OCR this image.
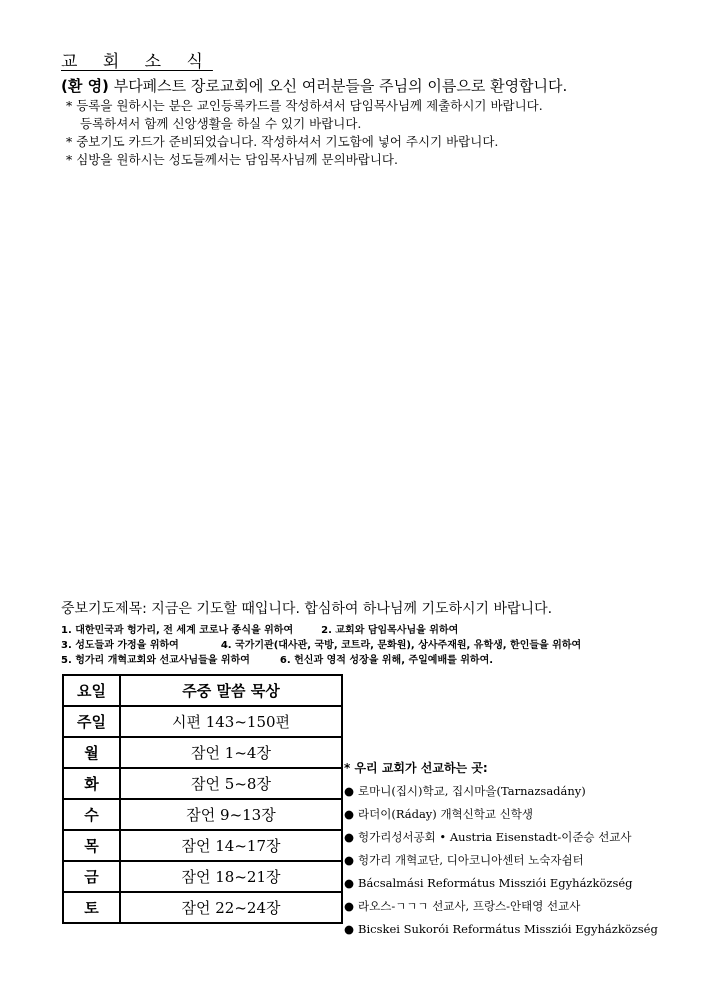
교 회 소 식
(환 영) 부다페스트 장로교회에 오신 여러분들을 주님의 이름으로 환영합니다.
* 등록을 원하시는 분은 교인등록카드를 작성하셔서 담임목사님께 제출하시기 바랍니다.
등록하셔서 함께 신앙생활을 하실 수 있기 바랍니다.
* 중보기도 카드가 준비되었습니다. 작성하셔서 기도함에 넣어 주시기 바랍니다.
* 심방을 원하시는 성도들께서는 담임목사님께 문의바랍니다.
중보기도제목: 지금은 기도할 때입니다. 합심하여 하나님께 기도하시기 바랍니다.
1. 대한민국과 헝가리, 전 세계 코로나 종식을 위하여	2. 교회와 담임목사님을 위하여
3. 성도들과 가정을 위하여	4. 국가기관(대사관, 국방, 코트라, 문화원), 상사주재원, 유학생, 한인들을 위하여
5. 헝가리 개혁교회와 선교사님들을 위하여	6. 헌신과 영적 성장을 위해, 주일예배를 위하여.
요일	주중 말씀 묵상
주일	시편 143~150편
월	잠언 1~4장
화	잠언 5~8장
수	잠언 9~13장
목	잠언 14~17장
금	잠언 18~21장
토	잠언 22~24장
* 우리 교회가 선교하는 곳:
● 로마니(집시)학교, 집시마을(Tarnazsadány)
● 라더이(Ráday) 개혁신학교 신학생
● 헝가리성서공회 • Austria Eisenstadt-이준승 선교사
● 헝가리 개혁교단, 디아코니아센터 노숙자쉼터
● Bácsalmási Református Missziói Egyházközség
● 라오스-ㄱㄱㄱ 선교사, 프랑스-안태영 선교사
● Bicskei Sukorói Református Missziói Egyházközség
